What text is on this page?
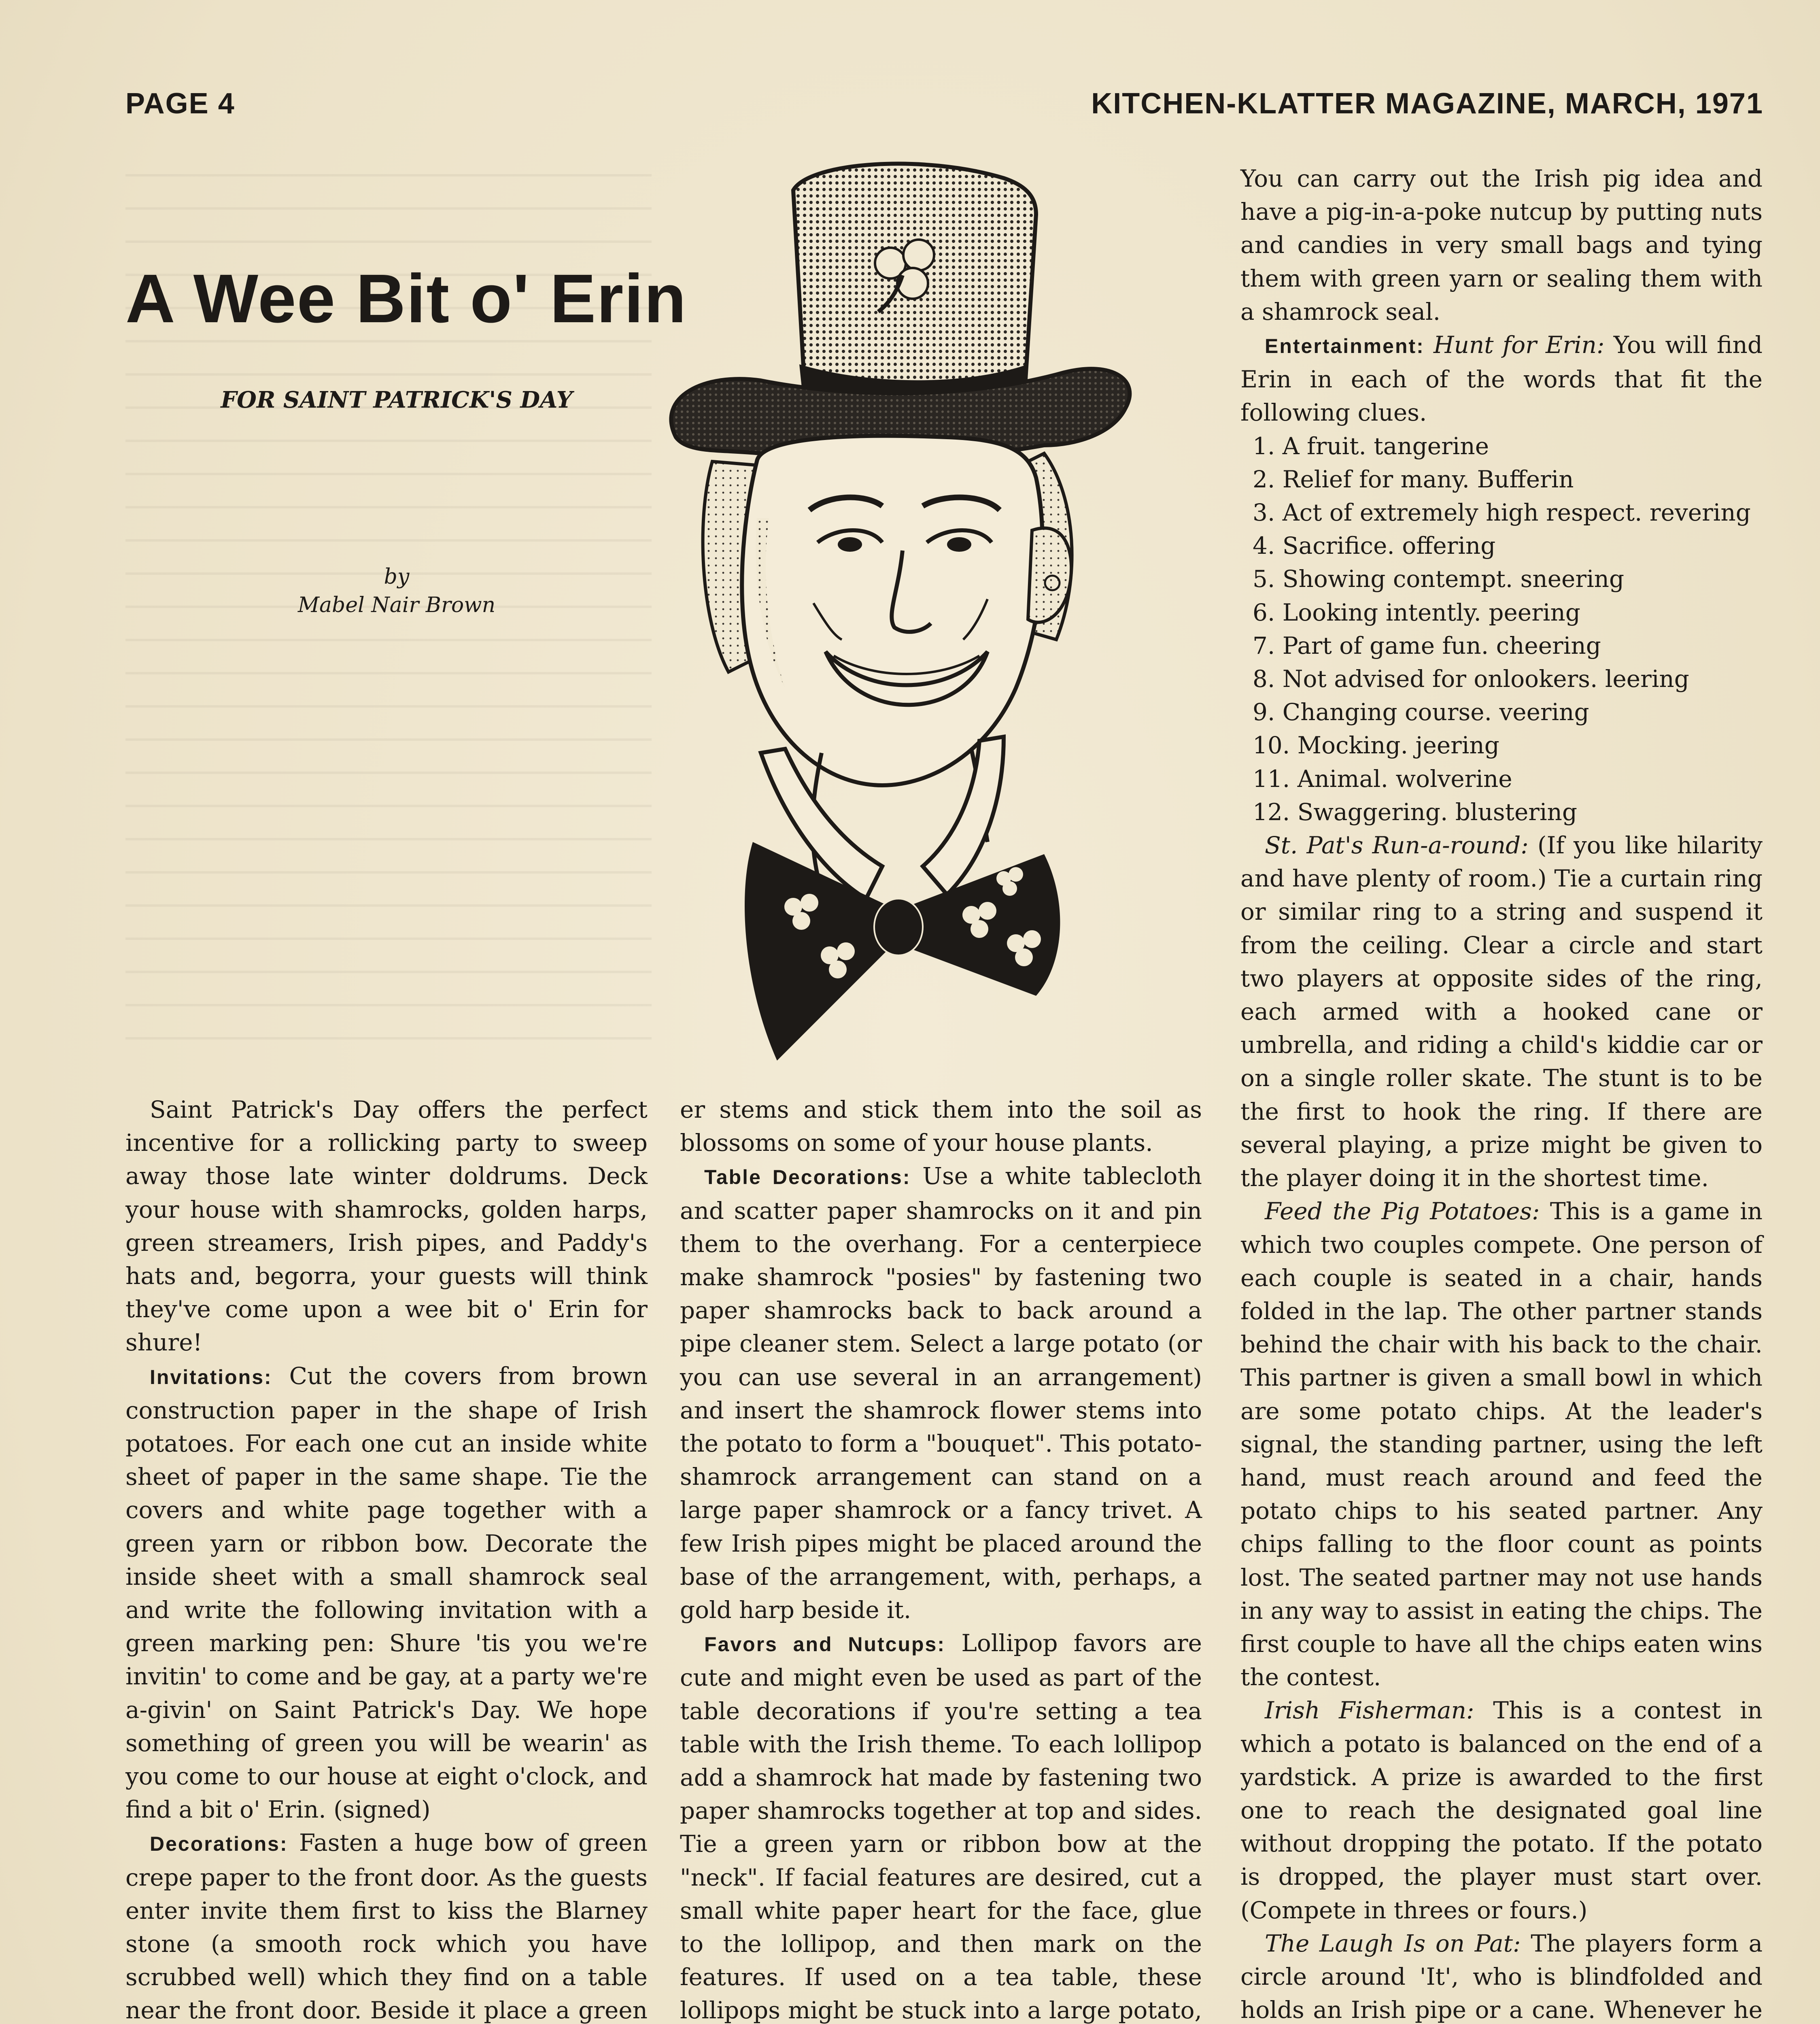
PAGE 4	KITCHEN-KLATTER MAGAZINE, MARCH, 1971
A Wee Bit o' Erin
FOR SAINT PATRICK'S DAY
by
Mabel Nair Brown

Saint Patrick's Day offers the perfect incentive for a rollicking party to sweep away those late winter doldrums. Deck your house with shamrocks, golden harps, green streamers, Irish pipes, and Paddy's hats and, begorra, your guests will think they've come upon a wee bit o' Erin for shure!

Invitations: Cut the covers from brown construction paper in the shape of Irish potatoes. For each one cut an inside white sheet of paper in the same shape. Tie the covers and white page together with a green yarn or ribbon bow. Decorate the inside sheet with a small shamrock seal and write the following invitation with a green marking pen: Shure 'tis you we're invitin' to come and be gay, at a party we're a-givin' on Saint Patrick's Day. We hope something of green you will be wearin' as you come to our house at eight o'clock, and find a bit o' Erin. (signed)

Decorations: Fasten a huge bow of green crepe paper to the front door. As the guests enter invite them first to kiss the Blarney stone (a smooth rock which you have scrubbed well) which they find on a table near the front door. Beside it place a green

er stems and stick them into the soil as blossoms on some of your house plants.

Table Decorations: Use a white tablecloth and scatter paper shamrocks on it and pin them to the overhang. For a centerpiece make shamrock "posies" by fastening two paper shamrocks back to back around a pipe cleaner stem. Select a large potato (or you can use several in an arrangement) and insert the shamrock flower stems into the potato to form a "bouquet". This potato-shamrock arrangement can stand on a large paper shamrock or a fancy trivet. A few Irish pipes might be placed around the base of the arrangement, with, perhaps, a gold harp beside it.

Favors and Nutcups: Lollipop favors are cute and might even be used as part of the table decorations if you're setting a tea table with the Irish theme. To each lollipop add a shamrock hat made by fastening two paper shamrocks together at top and sides. Tie a green yarn or ribbon bow at the "neck". If facial features are desired, cut a small white paper heart for the face, glue to the lollipop, and then mark on the features. If used on a tea table, these lollipops might be stuck into a large potato,

You can carry out the Irish pig idea and have a pig-in-a-poke nutcup by putting nuts and candies in very small bags and tying them with green yarn or sealing them with a shamrock seal.

Entertainment: Hunt for Erin: You will find Erin in each of the words that fit the following clues.

1. A fruit. tangerine

2. Relief for many. Bufferin

3. Act of extremely high respect. revering

4. Sacrifice. offering

5. Showing contempt. sneering

6. Looking intently. peering

7. Part of game fun. cheering

8. Not advised for onlookers. leering

9. Changing course. veering

10. Mocking. jeering

11. Animal. wolverine

12. Swaggering. blustering

St. Pat's Run-a-round: (If you like hilarity and have plenty of room.) Tie a curtain ring or similar ring to a string and suspend it from the ceiling. Clear a circle and start two players at opposite sides of the ring, each armed with a hooked cane or umbrella, and riding a child's kiddie car or on a single roller skate. The stunt is to be the first to hook the ring. If there are several playing, a prize might be given to the player doing it in the shortest time.

Feed the Pig Potatoes: This is a game in which two couples compete. One person of each couple is seated in a chair, hands folded in the lap. The other partner stands behind the chair with his back to the chair. This partner is given a small bowl in which are some potato chips. At the leader's signal, the standing partner, using the left hand, must reach around and feed the potato chips to his seated partner. Any chips falling to the floor count as points lost. The seated partner may not use hands in any way to assist in eating the chips. The first couple to have all the chips eaten wins the contest.

Irish Fisherman: This is a contest in which a potato is balanced on the end of a yardstick. A prize is awarded to the first one to reach the designated goal line without dropping the potato. If the potato is dropped, the player must start over. (Compete in threes or fours.)

The Laugh Is on Pat: The players form a circle around 'It', who is blindfolded and holds an Irish pipe or a cane. Whenever he
